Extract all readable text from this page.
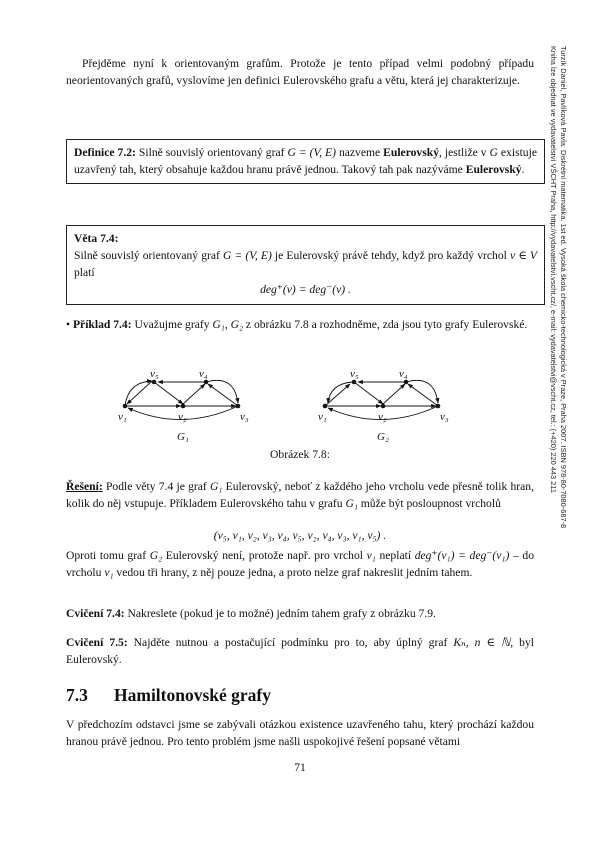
Turzík Daniel, Pavlíková Pavla: Diskrétní matematika. 1st ed. Vysoká škola chemicko-technologická v Praze, Praha 2007. ISBN 978-80-7080-687-8
Kniha lze objednat ve vydavatelství VŠCHT Praha, http://vydavatelstvi.vscht.cz/, e-mail: vydavatelstvi@vscht.cz, tel.: (+420) 220 443 211

Přejděme nyní k orientovaným grafům. Protože je tento případ velmi podobný případu neorientovaných grafů, vyslovíme jen definici Eulerovského grafu a větu, která jej charakterizuje.

Definice 7.2: Silně souvislý orientovaný graf G = (V, E) nazveme Eulerovský, jestliže v G existuje uzavřený tah, který obsahuje každou hranu právě jednou. Takový tah pak nazýváme Eulerovský.
Věta 7.4:
Silně souvislý orientovaný graf G = (V, E) je Eulerovský právě tehdy, když pro každý vrchol v ∈ V platí
deg⁺(v) = deg⁻(v) .

• Příklad 7.4: Uvažujme grafy G₁, G₂ z obrázku 7.8 a rozhodněme, zda jsou tyto grafy Eulerovské.

v₁	v₂	v₃
v₄
v₅
G₁
v₁	v₂	v₃
v₄
v₅
G₂
Obrázek 7.8:

Řešení: Podle věty 7.4 je graf G₁ Eulerovský, neboť z každého jeho vrcholu vede přesně tolik hran, kolik do něj vstupuje. Příkladem Eulerovského tahu v grafu G₁ může být posloupnost vrcholů

(v₅, v₁, v₂, v₃, v₄, v₅, v₂, v₄, v₃, v₁, v₅) .

Oproti tomu graf G₂ Eulerovský není, protože např. pro vrchol v₁ neplatí deg⁺(v₁) = deg⁻(v₁) – do vrcholu v₁ vedou tři hrany, z něj pouze jedna, a proto nelze graf nakreslit jedním tahem.

Cvičení 7.4: Nakreslete (pokud je to možné) jedním tahem grafy z obrázku 7.9.

Cvičení 7.5: Najděte nutnou a postačující podmínku pro to, aby úplný graf Kₙ, n ∈ ℕ, byl Eulerovský.

7.3 Hamiltonovské grafy

V předchozím odstavci jsme se zabývali otázkou existence uzavřeného tahu, který prochází každou hranou právě jednou. Pro tento problém jsme našli uspokojivé řešení popsané větami

71
